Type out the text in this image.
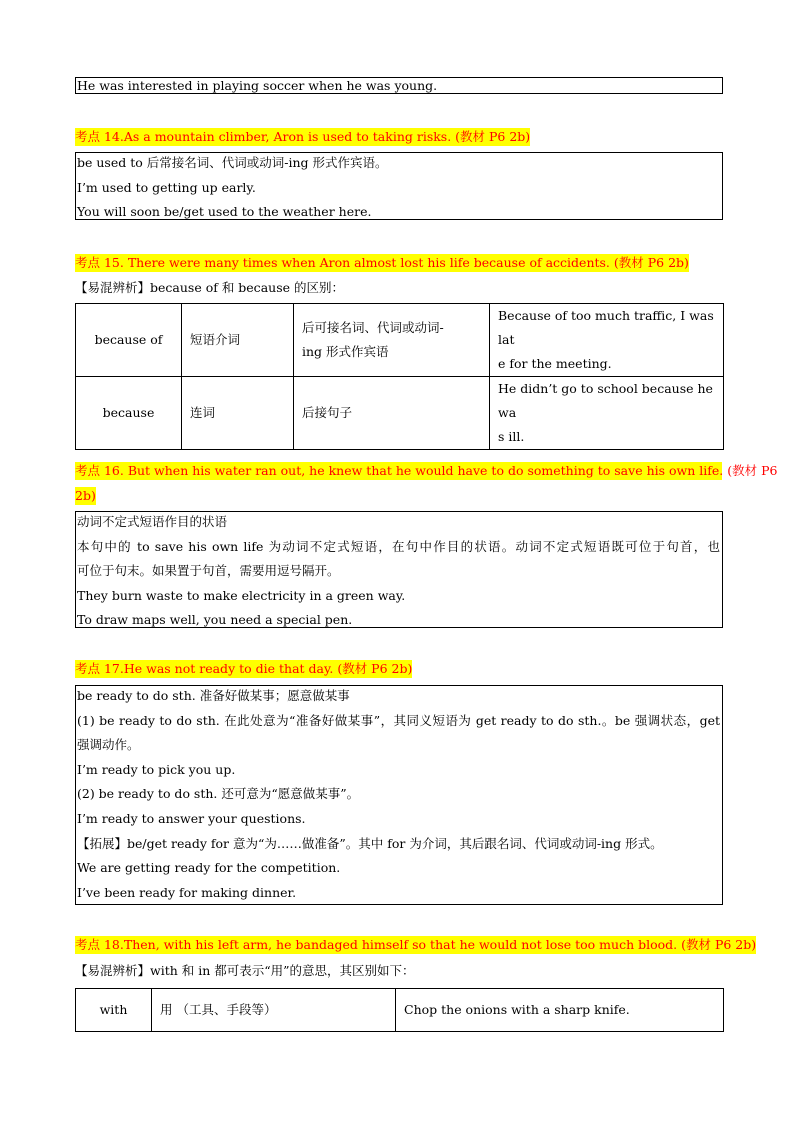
He was interested in playing soccer when he was young.
考点 14.As a mountain climber, Aron is used to taking risks. (教材 P6 2b)
be used to 后常接名词、代词或动词-ing 形式作宾语。
I’m used to getting up early.
You will soon be/get used to the weather here.
考点 15. There were many times when Aron almost lost his life because of accidents. (教材 P6 2b)
【易混辨析】because of 和 because 的区别：
because of	短语介词	后可接名词、代词或动词-
ing 形式作宾语	Because of too much traffic, I was lat
e for the meeting.
because	连词	后接句子	He didn’t go to school because he wa
s ill.
考点 16. But when his water ran out, he knew that he would have to do something to save his own life. (教材 P6
2b)
动词不定式短语作目的状语
本句中的 to save his own life 为动词不定式短语，在句中作目的状语。动词不定式短语既可位于句首，也
可位于句末。如果置于句首，需要用逗号隔开。
They burn waste to make electricity in a green way.
To draw maps well, you need a special pen.
考点 17.He was not ready to die that day. (教材 P6 2b)
be ready to do sth. 准备好做某事；愿意做某事
(1) be ready to do sth. 在此处意为“准备好做某事”，其同义短语为 get ready to do sth.。be 强调状态，get
强调动作。
I’m ready to pick you up.
(2) be ready to do sth. 还可意为“愿意做某事”。
I’m ready to answer your questions.
【拓展】be/get ready for 意为“为……做准备”。其中 for 为介词，其后跟名词、代词或动词-ing 形式。
We are getting ready for the competition.
I’ve been ready for making dinner.
考点 18.Then, with his left arm, he bandaged himself so that he would not lose too much blood. (教材 P6 2b)
【易混辨析】with 和 in 都可表示“用”的意思，其区别如下：
with	用 （工具、手段等）	Chop the onions with a sharp knife.
